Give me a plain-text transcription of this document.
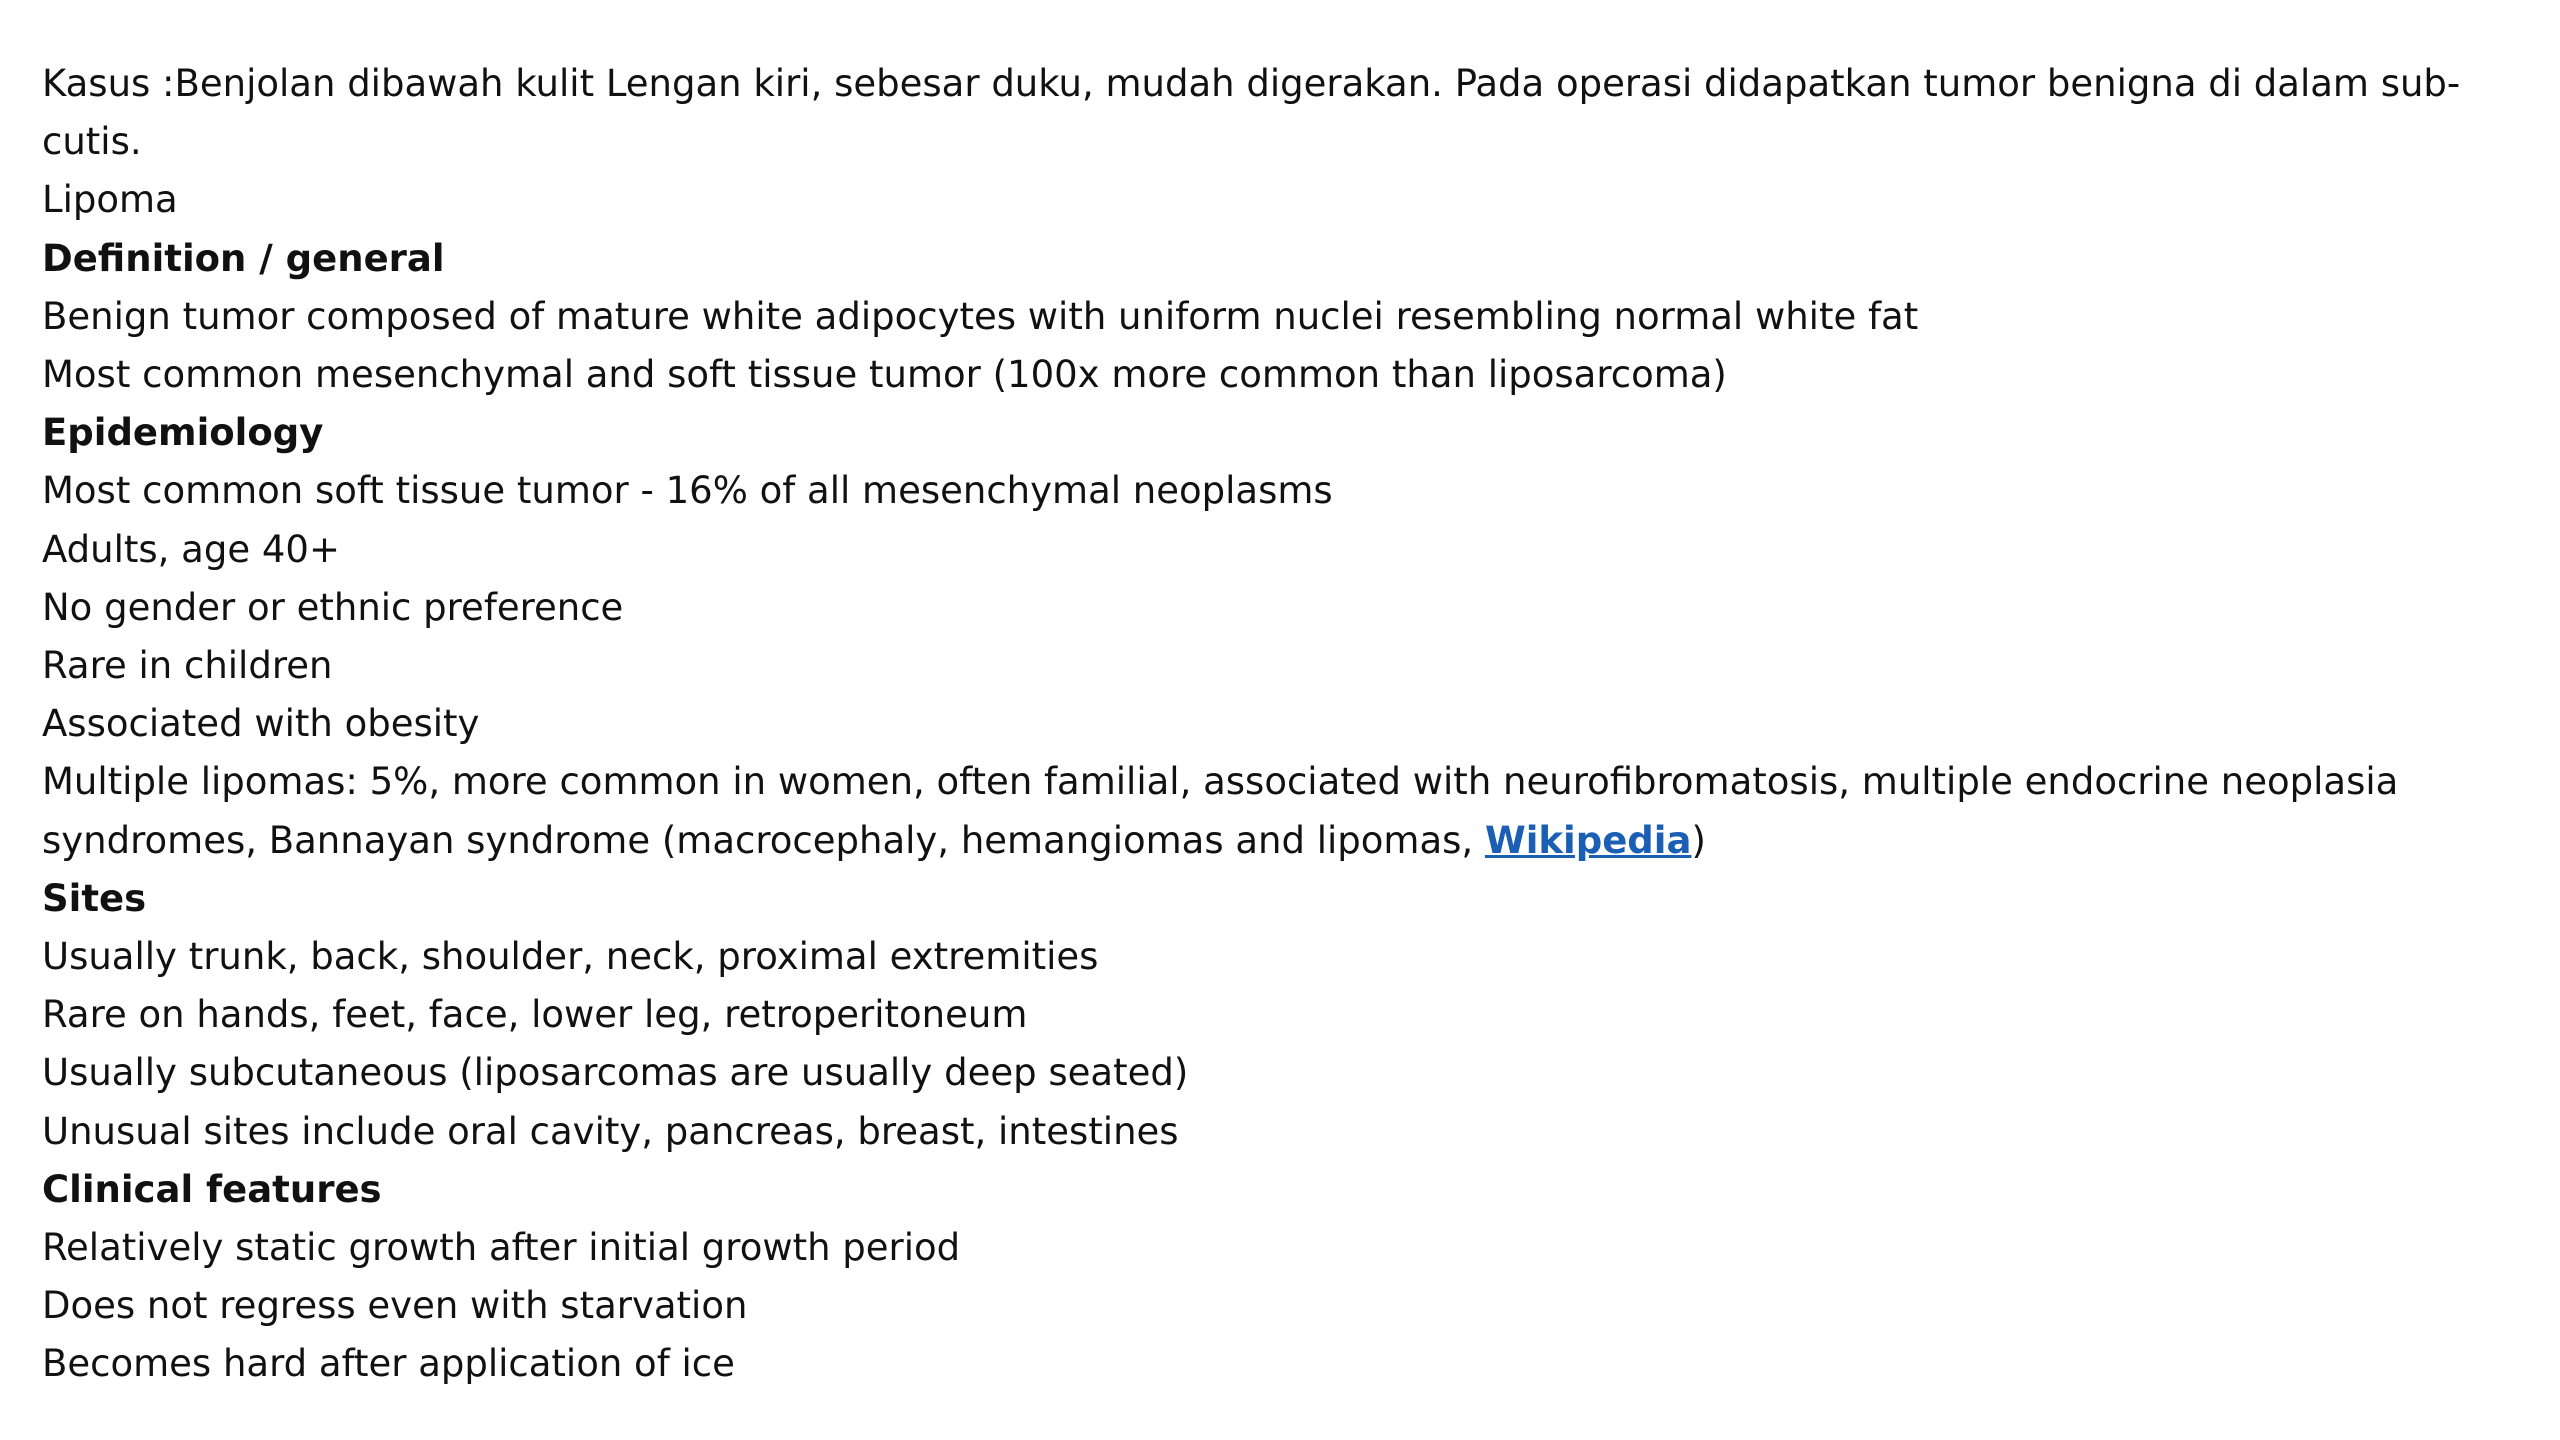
Kasus :Benjolan dibawah kulit Lengan kiri, sebesar duku, mudah digerakan. Pada operasi didapatkan tumor benigna di dalam sub-cutis.
Lipoma
Definition / general
Benign tumor composed of mature white adipocytes with uniform nuclei resembling normal white fat
Most common mesenchymal and soft tissue tumor (100x more common than liposarcoma)
Epidemiology
Most common soft tissue tumor - 16% of all mesenchymal neoplasms
Adults, age 40+
No gender or ethnic preference
Rare in children
Associated with obesity
Multiple lipomas: 5%, more common in women, often familial, associated with neurofibromatosis, multiple endocrine neoplasia syndromes, Bannayan syndrome (macrocephaly, hemangiomas and lipomas, Wikipedia)
Sites
Usually trunk, back, shoulder, neck, proximal extremities
Rare on hands, feet, face, lower leg, retroperitoneum
Usually subcutaneous (liposarcomas are usually deep seated)
Unusual sites include oral cavity, pancreas, breast, intestines
Clinical features
Relatively static growth after initial growth period
Does not regress even with starvation
Becomes hard after application of ice
